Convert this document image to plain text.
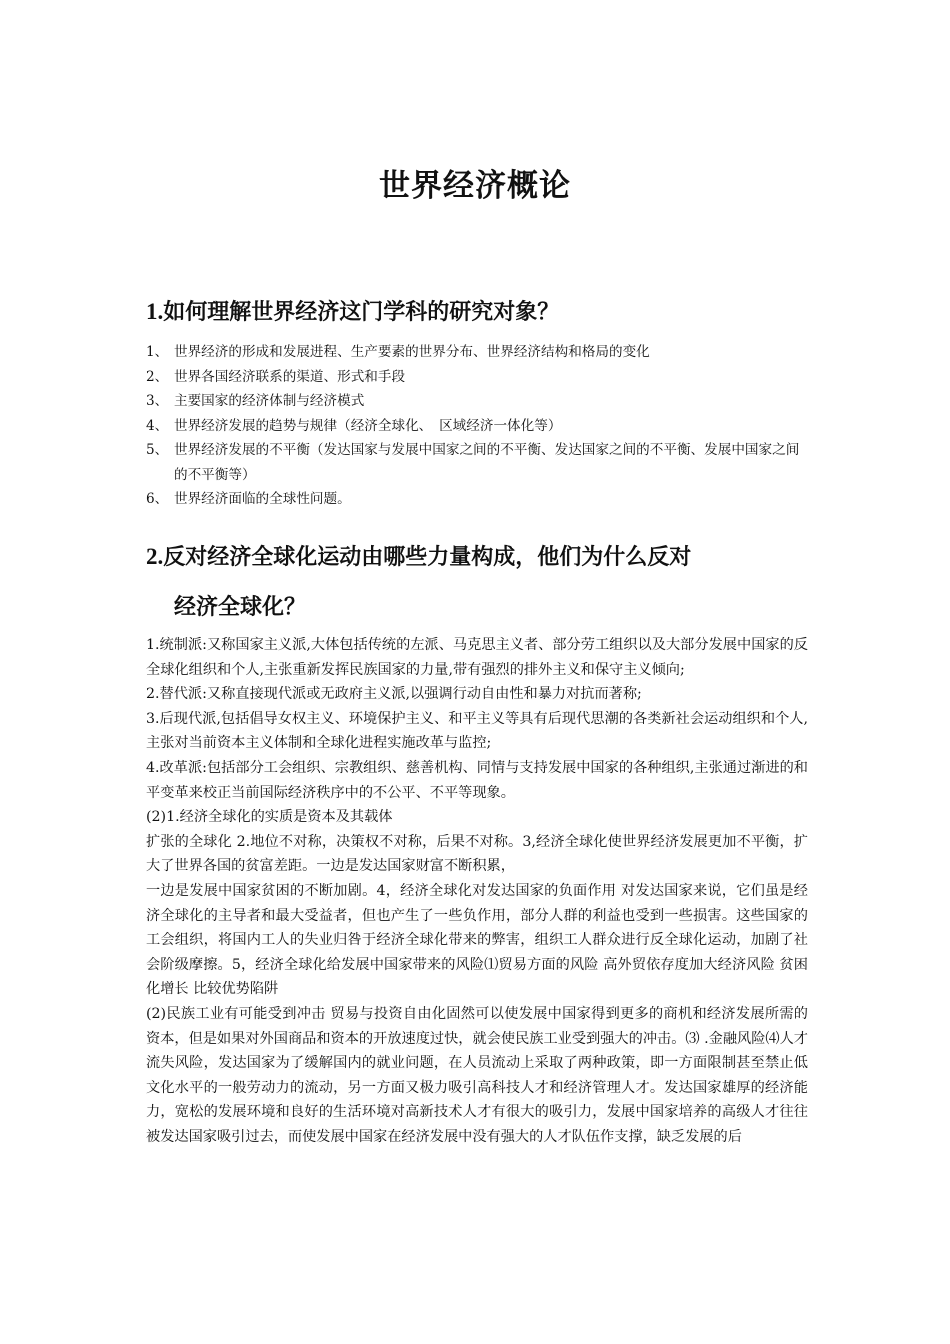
世界经济概论
1.如何理解世界经济这门学科的研究对象？
1、 世界经济的形成和发展进程、生产要素的世界分布、世界经济结构和格局的变化
2、 世界各国经济联系的渠道、形式和手段
3、 主要国家的经济体制与经济模式
4、 世界经济发展的趋势与规律（经济全球化、　区域经济一体化等）
5、 世界经济发展的不平衡（发达国家与发展中国家之间的不平衡、发达国家之间的不平衡、发展中国家之间的不平衡等）
6、 世界经济面临的全球性问题。
2.反对经济全球化运动由哪些力量构成，他们为什么反对
经济全球化？

1.统制派:又称国家主义派,大体包括传统的左派、马克思主义者、部分劳工组织以及大部分发展中国家的反全球化组织和个人,主张重新发挥民族国家的力量,带有强烈的排外主义和保守主义倾向;

2.替代派:又称直接现代派或无政府主义派,以强调行动自由性和暴力对抗而著称;

3.后现代派,包括倡导女权主义、环境保护主义、和平主义等具有后现代思潮的各类新社会运动组织和个人,主张对当前资本主义体制和全球化进程实施改革与监控;

4.改革派:包括部分工会组织、宗教组织、慈善机构、同情与支持发展中国家的各种组织,主张通过渐进的和平变革来校正当前国际经济秩序中的不公平、不平等现象。

(2)1.经济全球化的实质是资本及其载体

扩张的全球化 2.地位不对称，决策权不对称，后果不对称。3,经济全球化使世界经济发展更加不平衡，扩大了世界各国的贫富差距。一边是发达国家财富不断积累，

一边是发展中国家贫困的不断加剧。4，经济全球化对发达国家的负面作用 对发达国家来说，它们虽是经济全球化的主导者和最大受益者，但也产生了一些负作用，部分人群的利益也受到一些损害。这些国家的工会组织，将国内工人的失业归咎于经济全球化带来的弊害，组织工人群众进行反全球化运动，加剧了社会阶级摩擦。5，经济全球化给发展中国家带来的风险⑴贸易方面的风险 高外贸依存度加大经济风险 贫困化增长 比较优势陷阱

(2)民族工业有可能受到冲击 贸易与投资自由化固然可以使发展中国家得到更多的商机和经济发展所需的资本，但是如果对外国商品和资本的开放速度过快，就会使民族工业受到强大的冲击。⑶ .金融风险⑷人才流失风险，发达国家为了缓解国内的就业问题，在人员流动上采取了两种政策，即一方面限制甚至禁止低文化水平的一般劳动力的流动，另一方面又极力吸引高科技人才和经济管理人才。发达国家雄厚的经济能力，宽松的发展环境和良好的生活环境对高新技术人才有很大的吸引力，发展中国家培养的高级人才往往被发达国家吸引过去，而使发展中国家在经济发展中没有强大的人才队伍作支撑，缺乏发展的后
